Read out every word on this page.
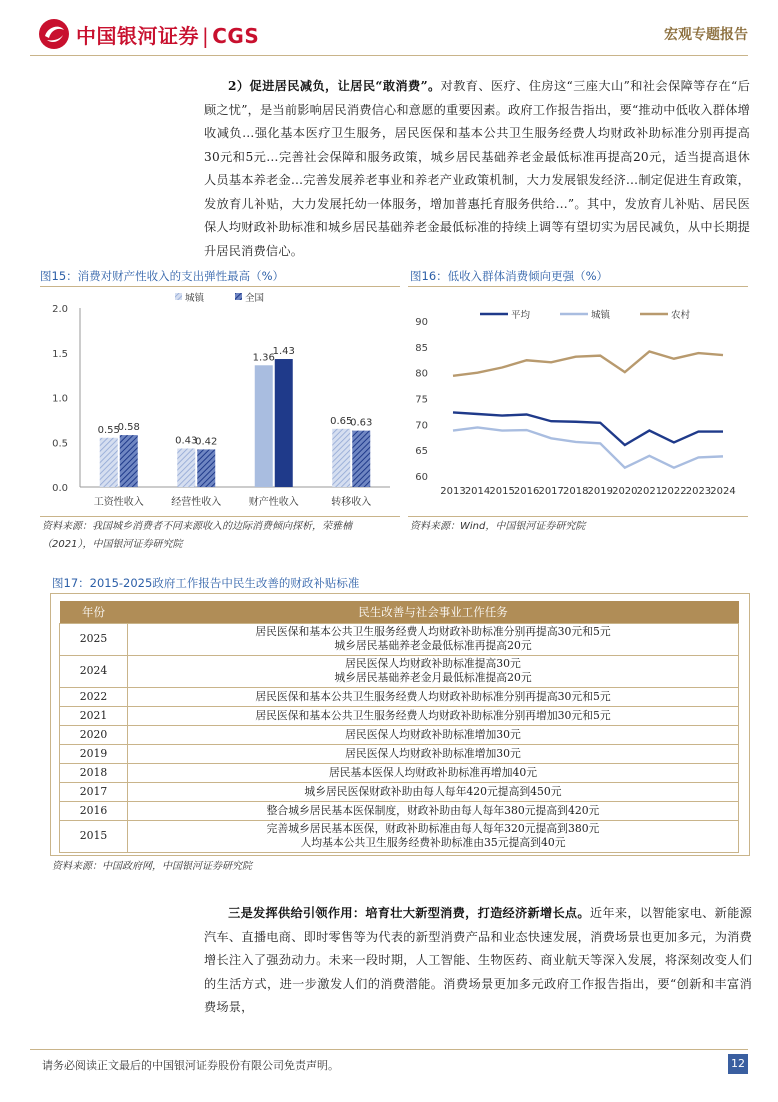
中国银河证券 | CGS	宏观专题报告
2）促进居民减负，让居民“敢消费”。对教育、医疗、住房这“三座大山”和社会保障等存在“后顾之忧”，是当前影响居民消费信心和意愿的重要因素。政府工作报告指出，要“推动中低收入群体增收减负…强化基本医疗卫生服务，居民医保和基本公共卫生服务经费人均财政补助标准分别再提高30元和5元…完善社会保障和服务政策，城乡居民基础养老金最低标准再提高20元，适当提高退休人员基本养老金…完善发展养老事业和养老产业政策机制，大力发展银发经济…制定促进生育政策，发放育儿补贴，大力发展托幼一体服务，增加普惠托育服务供给…”。其中，发放育儿补贴、居民医保人均财政补助标准和城乡居民基础养老金最低标准的持续上调等有望切实为居民减负，从中长期提升居民消费信心。
图15：消费对财产性收入的支出弹性最高（%）
0.0
0.5
1.0
1.5
2.0
工资性收入
0.55
0.58
经营性收入
0.43
0.42
财产性收入
1.36
1.43
转移收入
0.65
0.63
城镇	全国
资料来源：我国城乡消费者不同来源收入的边际消费倾向探析，荣雅楠（2021），中国银河证券研究院
图16：低收入群体消费倾向更强（%）
60
65
70
75
80
85
90
2013 2014 2015 2016 2017 2018 2019 2020 2021 2022 2023 2024
平均	城镇	农村
资料来源：Wind，中国银河证券研究院
图17：2015-2025政府工作报告中民生改善的财政补贴标准
年份	民生改善与社会事业工作任务
2025	居民医保和基本公共卫生服务经费人均财政补助标准分别再提高30元和5元
城乡居民基础养老金最低标准再提高20元

2024	居民医保人均财政补助标准提高30元
城乡居民基础养老金月最低标准提高20元

2022	居民医保和基本公共卫生服务经费人均财政补助标准分别再提高30元和5元

2021	居民医保和基本公共卫生服务经费人均财政补助标准分别再增加30元和5元

2020	居民医保人均财政补助标准增加30元

2019	居民医保人均财政补助标准增加30元

2018	居民基本医保人均财政补助标准再增加40元

2017	城乡居民医保财政补助由每人每年420元提高到450元

2016	整合城乡居民基本医保制度，财政补助由每人每年380元提高到420元

2015	完善城乡居民基本医保，财政补助标准由每人每年320元提高到380元
人均基本公共卫生服务经费补助标准由35元提高到40元
资料来源：中国政府网，中国银河证券研究院
三是发挥供给引领作用：培育壮大新型消费，打造经济新增长点。近年来，以智能家电、新能源汽车、直播电商、即时零售等为代表的新型消费产品和业态快速发展，消费场景也更加多元，为消费增长注入了强劲动力。未来一段时期，人工智能、生物医药、商业航天等深入发展，将深刻改变人们的生活方式，进一步激发人们的消费潜能。消费场景更加多元政府工作报告指出，要“创新和丰富消费场景，
请务必阅读正文最后的中国银河证券股份有限公司免责声明。	12
